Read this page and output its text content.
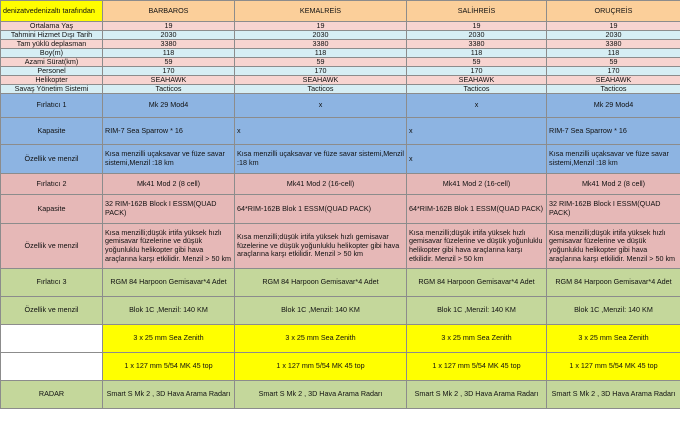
denizatvedenizaltı tarafından	BARBAROS	KEMALREİS	SALİHREİS	ORUÇREİS
Ortalama Yaş	19	19	19	19
Tahmini Hizmet Dışı Tarih	2030	2030	2030	2030
Tam yüklü deplasman	3380	3380	3380	3380
Boy(m)	118	118	118	118
Azami Sürat(km)	59	59	59	59
Personel	170	170	170	170
Helikopter	SEAHAWK	SEAHAWK	SEAHAWK	SEAHAWK
Savaş Yönetim Sistemi	Tacticos	Tacticos	Tacticos	Tacticos
Fırlatıcı 1	Mk 29 Mod4	x	x	Mk 29 Mod4
Kapasite	RIM-7 Sea Sparrow * 16	x	x	RIM-7 Sea Sparrow * 16
Özellik ve menzil	Kısa menzilli uçaksavar ve füze savar sistemi,Menzil :18 km	Kısa menzilli uçaksavar ve füze savar sistemi,Menzil :18 km	x	Kısa menzilli uçaksavar ve füze savar sistemi,Menzil :18 km
Fırlatıcı 2	Mk41 Mod 2 (8 cell)	Mk41 Mod 2 (16-cell)	Mk41 Mod 2 (16-cell)	Mk41 Mod 2 (8 cell)
Kapasite	32 RIM-162B Block I ESSM(QUAD PACK)	64*RIM-162B Blok 1 ESSM(QUAD PACK)	64*RIM-162B Blok 1 ESSM(QUAD PACK)	32 RIM-162B Block I ESSM(QUAD PACK)
Özellik ve menzil	Kısa menzilli;düşük irtifa yüksek hızlı gemisavar füzelerine ve düşük yoğunluklu helikopter gibi hava araçlarına karşı etkilidir. Menzil > 50 km	Kısa menzilli;düşük irtifa yüksek hızlı gemisavar füzelerine ve düşük yoğunluklu helikopter gibi hava araçlarına karşı etkilidir. Menzil > 50 km	Kısa menzilli;düşük irtifa yüksek hızlı gemisavar füzelerine ve düşük yoğunluklu helikopter gibi hava araçlarına karşı etkilidir. Menzil > 50 km	Kısa menzilli;düşük irtifa yüksek hızlı gemisavar füzelerine ve düşük yoğunluklu helikopter gibi hava araçlarına karşı etkilidir. Menzil > 50 km
Fırlatıcı 3	RGM 84 Harpoon Gemisavar*4 Adet	RGM 84 Harpoon Gemisavar*4 Adet	RGM 84 Harpoon Gemisavar*4 Adet	RGM 84 Harpoon Gemisavar*4 Adet
Özellik ve menzil	Blok 1C ,Menzil: 140 KM	Blok 1C ,Menzil: 140 KM	Blok 1C ,Menzil: 140 KM	Blok 1C ,Menzil: 140 KM
	3 x 25 mm Sea Zenith	3 x 25 mm Sea Zenith	3 x 25 mm Sea Zenith	3 x 25 mm Sea Zenith
	1 x 127 mm 5/54 MK 45 top	1 x 127 mm 5/54 MK 45 top	1 x 127 mm 5/54 MK 45 top	1 x 127 mm 5/54 MK 45 top
RADAR	Smart S Mk 2 , 3D Hava Arama Radarı	Smart S Mk 2 , 3D Hava Arama Radarı	Smart S Mk 2 , 3D Hava Arama Radarı	Smart S Mk 2 , 3D Hava Arama Radarı
